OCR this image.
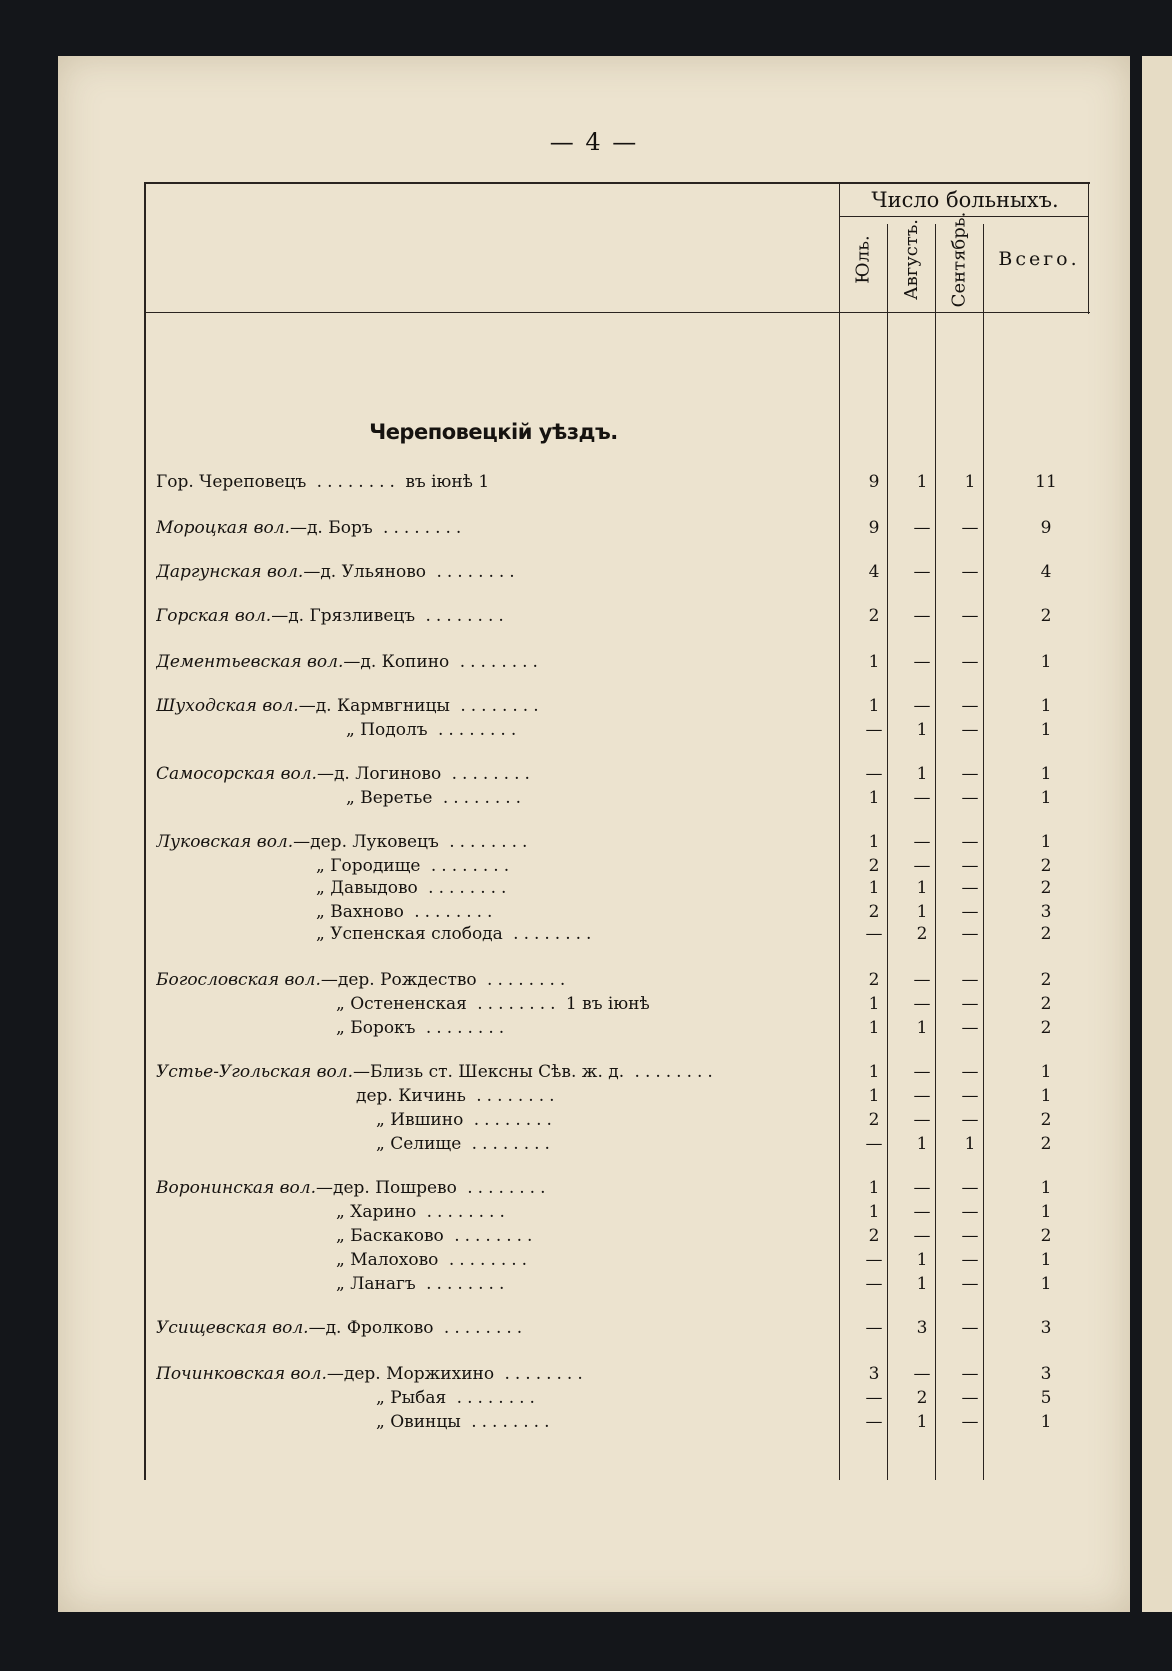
— 4 —
Число больныхъ.
Юль. Августъ. Сентябрь.	Всего.
Череповецкій уѣздъ.
Гор. Череповецъ ........ въ іюнѣ 1	9	1	1	11
Мороцкая вол.—д. Боръ ........	9	—	—	9
Даргунская вол.—д. Ульяново ........	4	—	—	4
Горская вол.—д. Грязливецъ ........	2	—	—	2
Дементьевская вол.—д. Копино ........	1	—	—	1
Шуходская вол.—д. Кармвгницы ........	1	—	—	1
„ Подолъ ........	—	1	—	1
Самосорская вол.—д. Логиново ........	—	1	—	1
„ Веретье ........	1	—	—	1
Луковская вол.—дер. Луковецъ ........	1	—	—	1
„ Городище ........	2	—	—	2
„ Давыдово ........	1	1	—	2
„ Вахново ........	2	1	—	3
„ Успенская слобода ........	—	2	—	2
Богословская вол.—дер. Рождество ........	2	—	—	2
„ Остененская ........ 1 въ іюнѣ	1	—	—	2
„ Борокъ ........	1	1	—	2
Устье-Угольская вол.—Близь ст. Шексны Сѣв. ж. д. ........	1	—	—	1
дер. Кичинь ........	1	—	—	1
„ Ившино ........	2	—	—	2
„ Селище ........	—	1	1	2
Воронинская вол.—дер. Пошрево ........	1	—	—	1
„ Харино ........	1	—	—	1
„ Баскаково ........	2	—	—	2
„ Малохово ........	—	1	—	1
„ Ланагъ ........	—	1	—	1
Усищевская вол.—д. Фролково ........	—	3	—	3
Починковская вол.—дер. Моржихино ........	3	—	—	3
„ Рыбая ........	—	2	—	5
„ Овинцы ........	—	1	—	1
